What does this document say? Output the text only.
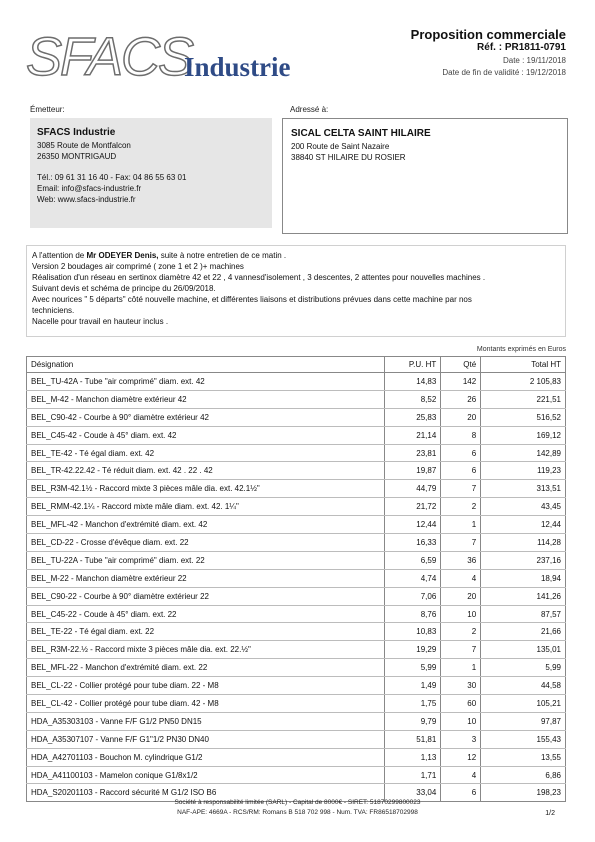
SFACS
Industrie
Proposition commerciale
Réf. : PR1811-0791
Date : 19/11/2018
Date de fin de validité : 19/12/2018
Émetteur:
SFACS Industrie
3085 Route de Montfalcon
26350 MONTRIGAUD
Tél.: 09 61 31 16 40 - Fax: 04 86 55 63 01
Email: info@sfacs-industrie.fr
Web: www.sfacs-industrie.fr
Adressé à:
SICAL CELTA SAINT HILAIRE
200 Route de Saint Nazaire
38840 ST HILAIRE DU ROSIER
A l'attention de Mr ODEYER Denis, suite à notre entretien de ce matin .
Version 2 boudages air comprimé ( zone 1 et 2 )+ machines
Réalisation d'un réseau en sertinox diamètre 42 et 22 , 4 vannesd'isolement , 3 descentes, 2 attentes pour nouvelles machines .
Suivant devis et schéma de principe du 26/09/2018.
Avec nourices " 5 départs" côté nouvelle machine, et différentes liaisons et distributions prévues dans cette machine par nos
techniciens.
Nacelle pour travail en hauteur inclus .
Montants exprimés en Euros
Désignation	P.U. HT	Qté	Total HT
BEL_TU-42A - Tube "air comprimé" diam. ext. 42	14,83	142	2 105,83
BEL_M-42 - Manchon diamètre extérieur 42	8,52	26	221,51
BEL_C90-42 - Courbe à 90° diamètre extérieur 42	25,83	20	516,52
BEL_C45-42 - Coude à 45° diam. ext. 42	21,14	8	169,12
BEL_TE-42 - Té égal diam. ext. 42	23,81	6	142,89
BEL_TR-42.22.42 - Té réduit diam. ext. 42 . 22 . 42	19,87	6	119,23
BEL_R3M-42.1½ - Raccord mixte 3 pièces mâle dia. ext. 42.1½"	44,79	7	313,51
BEL_RMM-42.1¼ - Raccord mixte mâle diam. ext. 42. 1¼"	21,72	2	43,45
BEL_MFL-42 - Manchon d'extrémité diam. ext. 42	12,44	1	12,44
BEL_CD-22 - Crosse d'évêque diam. ext. 22	16,33	7	114,28
BEL_TU-22A - Tube "air comprimé" diam. ext. 22	6,59	36	237,16
BEL_M-22 - Manchon diamètre extérieur 22	4,74	4	18,94
BEL_C90-22 - Courbe à 90° diamètre extérieur 22	7,06	20	141,26
BEL_C45-22 - Coude à 45° diam. ext. 22	8,76	10	87,57
BEL_TE-22 - Té égal diam. ext. 22	10,83	2	21,66
BEL_R3M-22.½ - Raccord mixte 3 pièces mâle dia. ext. 22.½"	19,29	7	135,01
BEL_MFL-22 - Manchon d'extrémité diam. ext. 22	5,99	1	5,99
BEL_CL-22 - Collier protégé pour tube diam. 22 - M8	1,49	30	44,58
BEL_CL-42 - Collier protégé pour tube diam. 42 - M8	1,75	60	105,21
HDA_A35303103 - Vanne F/F G1/2 PN50 DN15	9,79	10	97,87
HDA_A35307107 - Vanne F/F G1"1/2 PN30 DN40	51,81	3	155,43
HDA_A42701103 - Bouchon M. cylindrique G1/2	1,13	12	13,55
HDA_A41100103 - Mamelon conique G1/8x1/2	1,71	4	6,86
HDA_S20201103 - Raccord sécurité M G1/2 ISO B6	33,04	6	198,23
Société à responsabilité limitée (SARL) - Capital de 8000€ - SIRET: 51870299800023
NAF-APE: 4669A - RCS/RM: Romans B 518 702 998 - Num. TVA: FR86518702998	1/2
